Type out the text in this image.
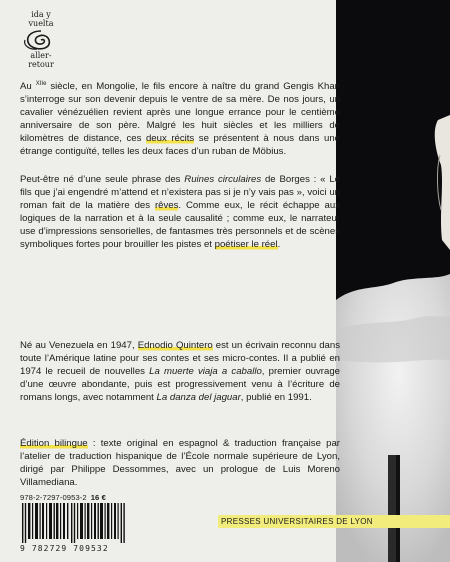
ida y vuelta
aller-retour

Au $^{XIIe}$ siècle, en Mongolie, le fils encore à naître du grand Gengis Khan s’interroge sur son devenir depuis le ventre de sa mère. De nos jours, un cavalier vénézuélien revient après une longue errance pour le centième anniversaire de son père. Malgré les huit siècles et les milliers de kilomètres de distance, ces deux récits se présentent à nous dans une étrange contiguïté, telles les deux faces d’un ruban de Möbius.

Peut-être né d’une seule phrase des Ruines circulaires de Borges : « Le fils que j’ai engendré m’attend et n’existera pas si je n’y vais pas », voici un roman fait de la matière des rêves. Comme eux, le récit échappe aux logiques de la narration et à la seule causalité ; comme eux, le narrateur use d’impressions sensorielles, de fantasmes très personnels et de scènes symboliques fortes pour brouiller les pistes et poétiser le réel.

Né au Venezuela en 1947, Ednodio Quintero est un écrivain reconnu dans toute l’Amérique latine pour ses contes et ses micro-contes. Il a publié en 1974 le recueil de nouvelles La muerte viaja a caballo, premier ouvrage d’une œuvre abondante, puis est progressivement venu à l’écriture de romans longs, avec notamment La danza del jaguar, publié en 1991.

Édition bilingue : texte original en espagnol & traduction française par l’atelier de traduction hispanique de l’École normale supérieure de Lyon, dirigé par Philippe Dessommes, avec un prologue de Luis Moreno Villamediana.

978-2-7297-0953-2 16 €
9 782729 709532
PRESSES UNIVERSITAIRES DE LYON
